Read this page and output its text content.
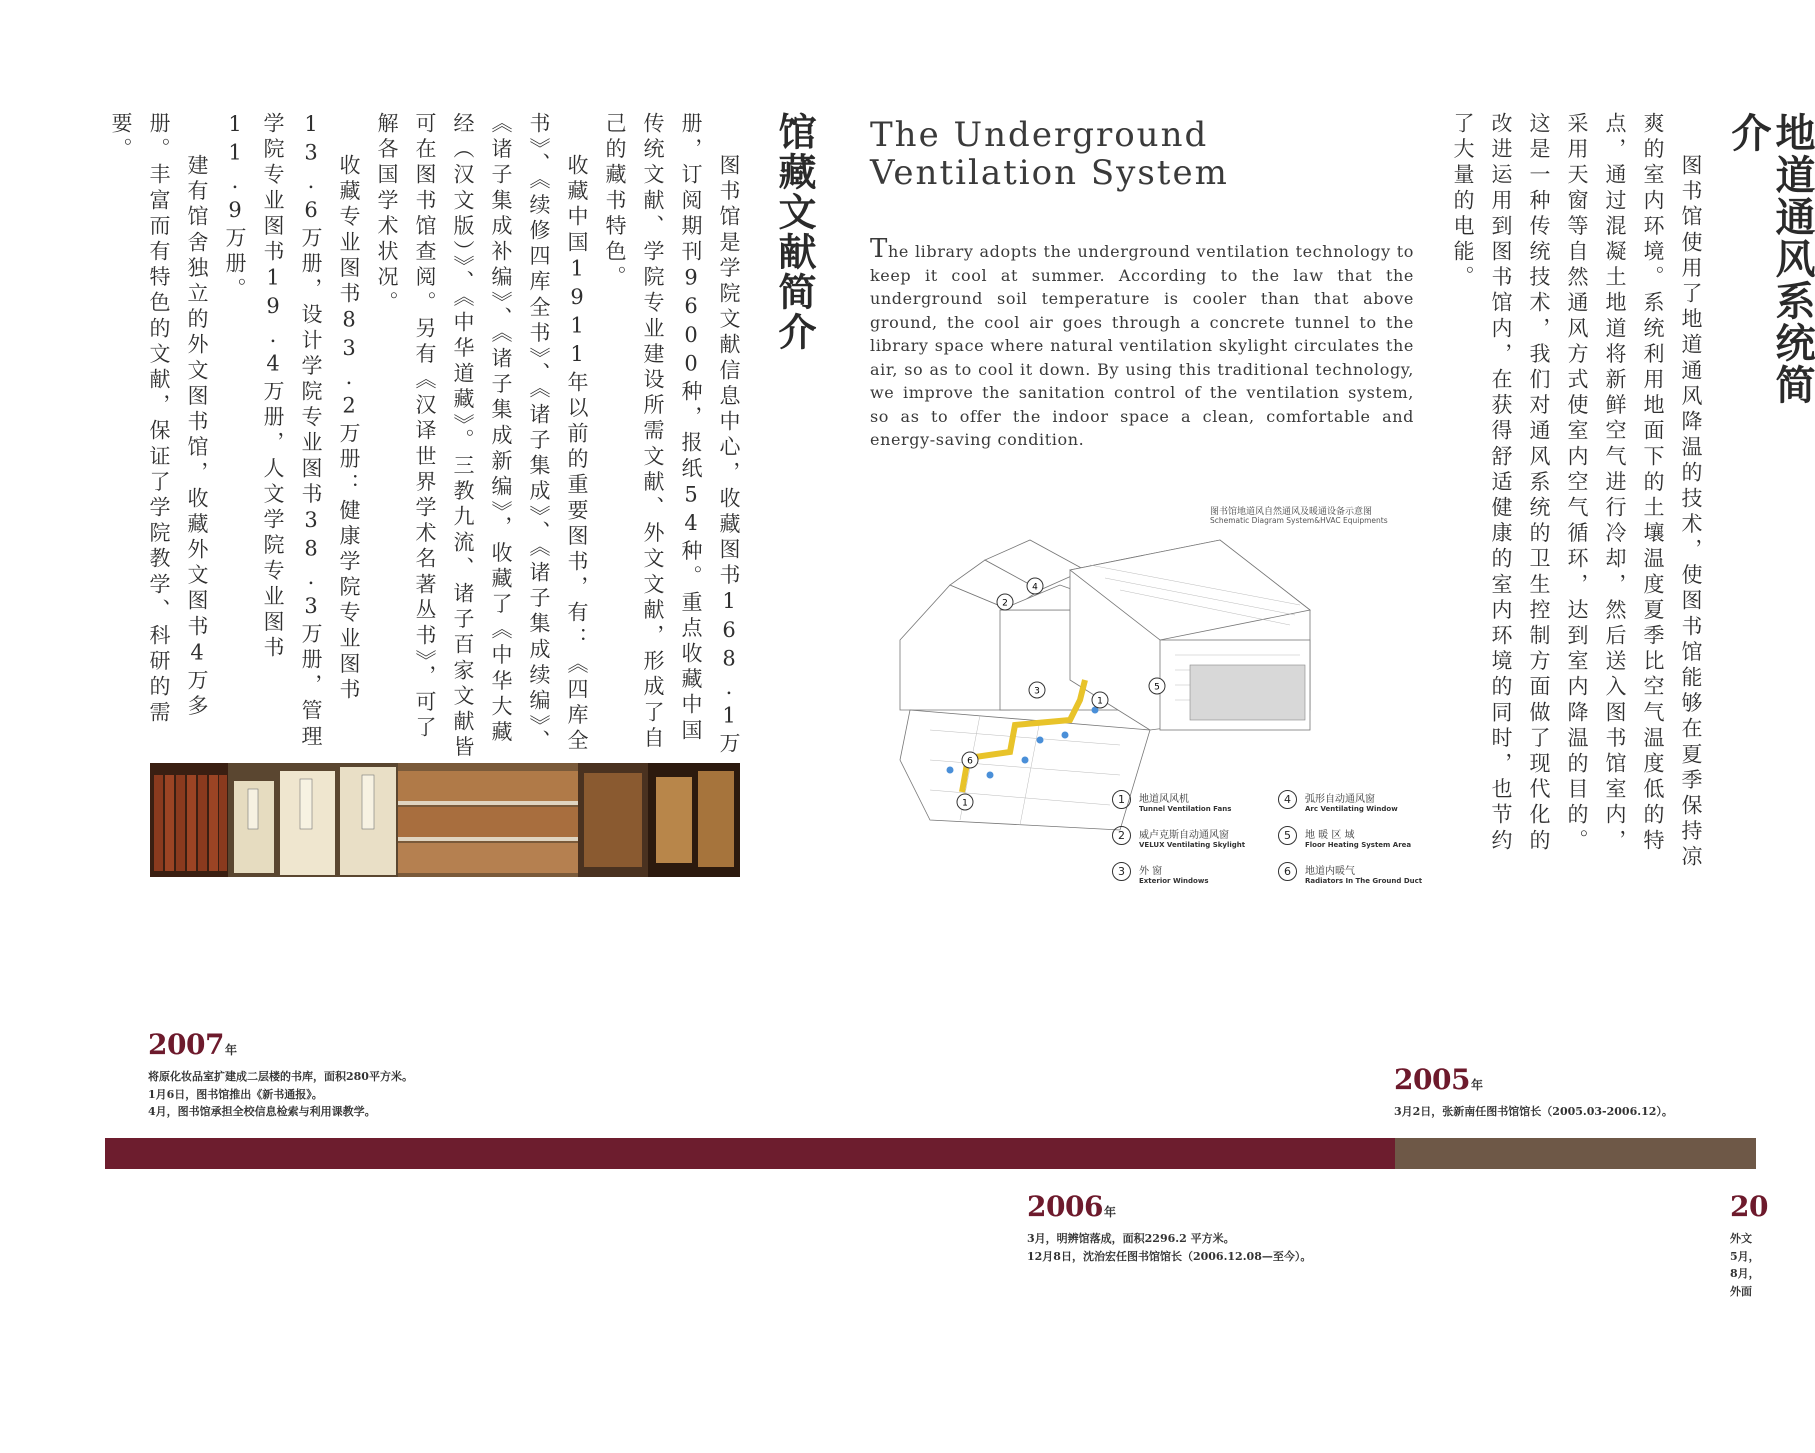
馆藏文献简介

图书馆是学院文献信息中心，收藏图书168.1万册，订阅期刊9600种，报纸54种。重点收藏中国传统文献、学院专业建设所需文献、外文文献，形成了自己的藏书特色。

收藏中国1911年以前的重要图书，有：《四库全书》、《续修四库全书》、《诸子集成》、《诸子集成续编》、《诸子集成补编》、《诸子集成新编》，收藏了《中华大藏经（汉文版）》、《中华道藏》。三教九流、诸子百家文献皆可在图书馆查阅。另有《汉译世界学术名著丛书》，可了解各国学术状况。

收藏专业图书83.2万册：健康学院专业图书13.6万册，设计学院专业图书38.3万册，管理学院专业图书19.4万册，人文学院专业图书11.9万册。

建有馆舍独立的外文图书馆，收藏外文图书4万多册。丰富而有特色的文献，保证了学院教学、科研的需要。	The Underground
Ventilation System

The library adopts the underground ventilation technology to keep it cool at summer. According to the law that the underground soil temperature is cooler than that above ground, the cool air goes through a concrete tunnel to the library space where natural ventilation skylight circulates the air, so as to cool it down. By using this traditional technology, we improve the sanitation control of the ventilation system, so as to offer the indoor space a clean, comfortable and energy-saving condition.

图书馆地道风自然通风及暖通设备示意图
Schematic Diagram System&HVAC Equipments
2
4
3
1
5
6
1	1	地道风风机
Tunnel Ventilation Fans
2	威卢克斯自动通风窗
VELUX Ventilating Skylight
3	外 窗
Exterior Windows
4	弧形自动通风窗
Arc Ventilating Window
5	地 暖 区 域
Floor Heating System Area
6	地道内暖气
Radiators In The Ground Duct

图书馆使用了地道通风降温的技术，使图书馆能够在夏季保持凉爽的室内环境。系统利用地面下的土壤温度夏季比空气温度低的特点，通过混凝土地道将新鲜空气进行冷却，然后送入图书馆室内，采用天窗等自然通风方式使室内空气循环，达到室内降温的目的。这是一种传统技术，我们对通风系统的卫生控制方面做了现代化的改进运用到图书馆内，在获得舒适健康的室内环境的同时，也节约了大量的电能。	地道通风系统简介
2007年
将原化妆品室扩建成二层楼的书库，面积280平方米。
1月6日，图书馆推出《新书通报》。
4月，图书馆承担全校信息检索与利用课教学。
2005年
3月2日，张新南任图书馆馆长（2005.03-2006.12）。
2006年
3月，明辨馆落成，面积2296.2 平方米。
12月8日，沈治宏任图书馆馆长（2006.12.08—至今）。
20
外文
5月，
8月，
外面
